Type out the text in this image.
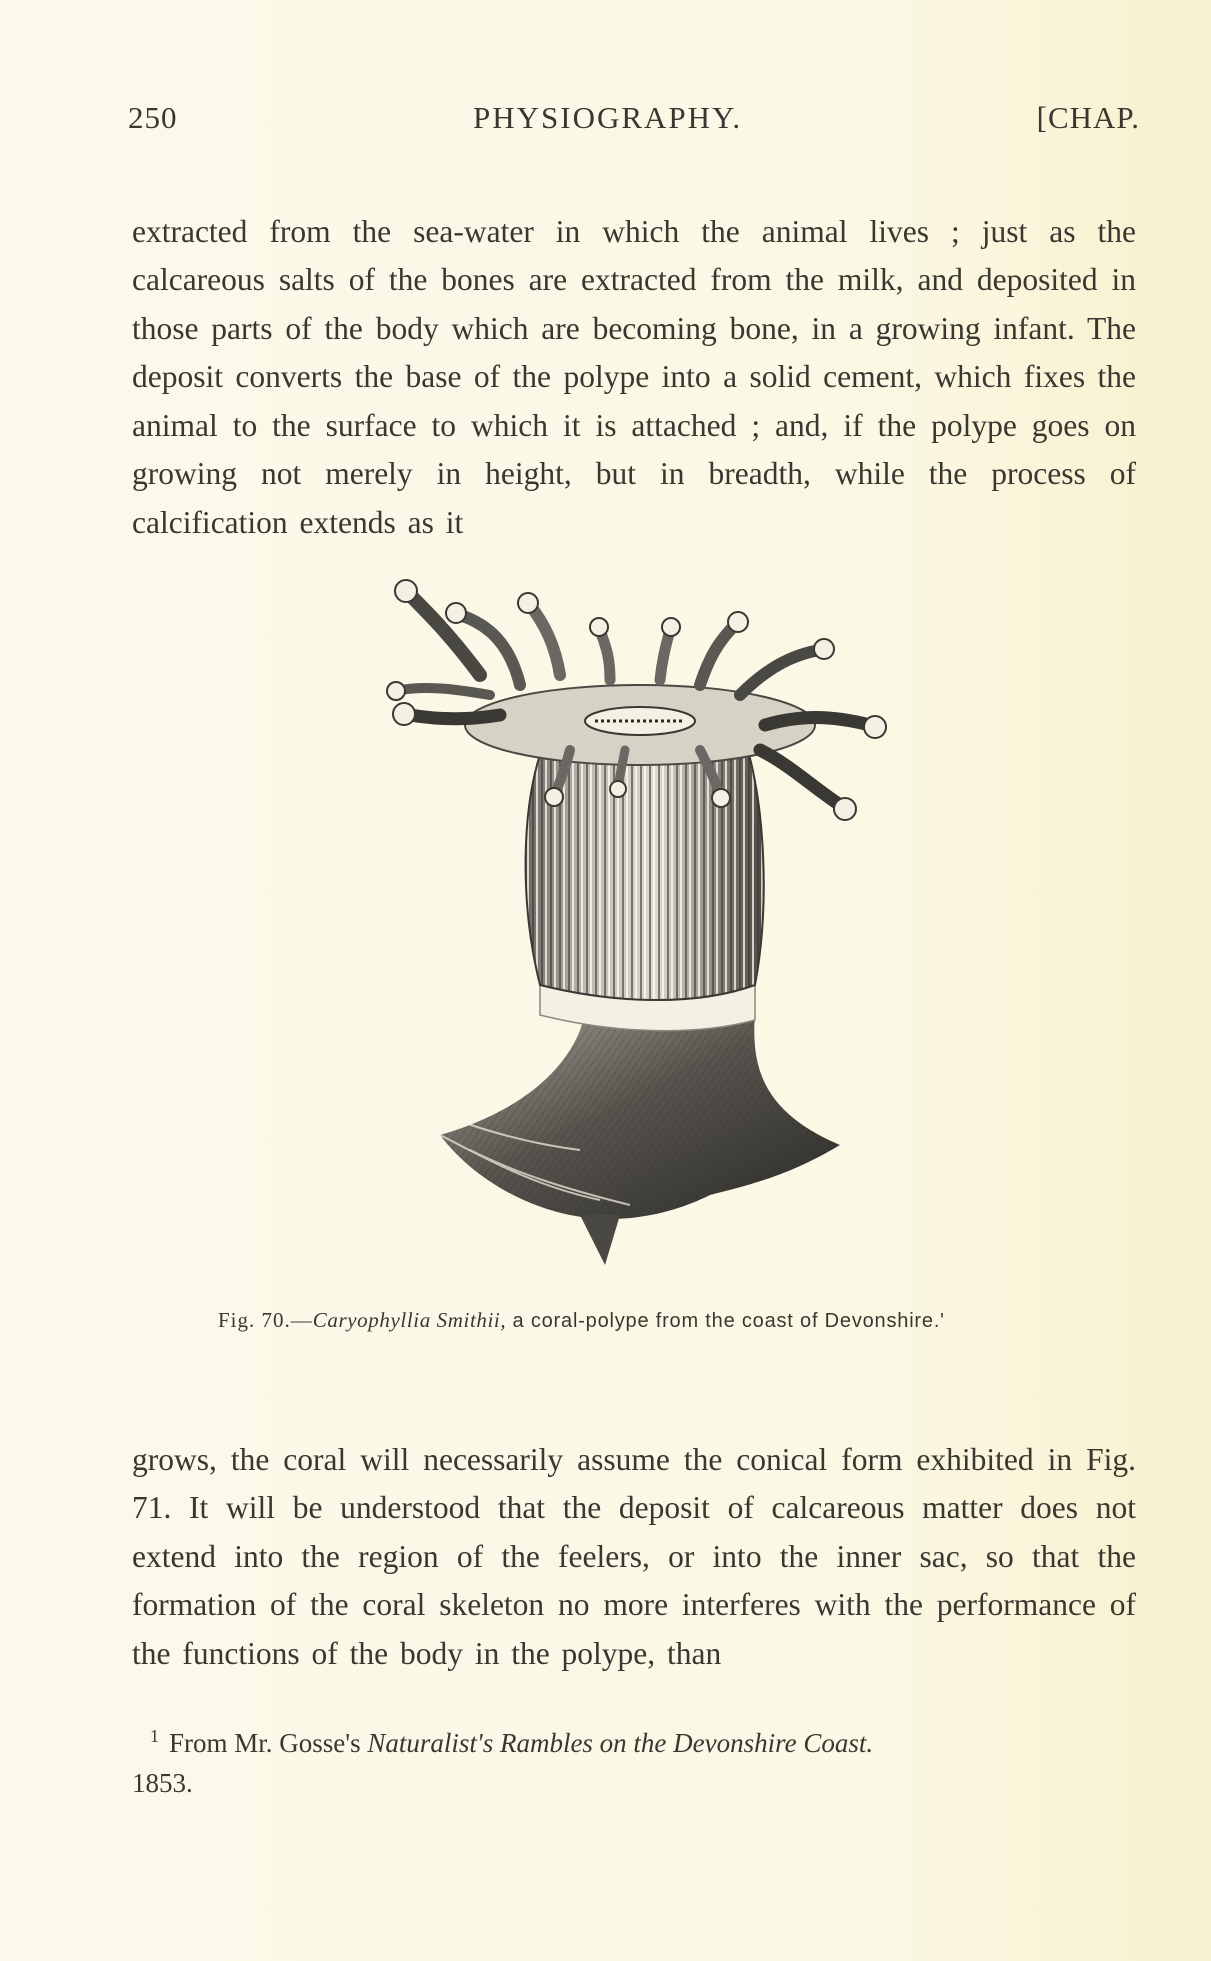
250	PHYSIOGRAPHY.	[CHAP.

extracted from the sea-water in which the animal lives ; just as the calcareous salts of the bones are extracted from the milk, and deposited in those parts of the body which are becoming bone, in a growing infant. The deposit converts the base of the polype into a solid cement, which fixes the animal to the surface to which it is attached ; and, if the polype goes on growing not merely in height, but in breadth, while the process of calcification extends as it

Fig. 70.—Caryophyllia Smithii, a coral-polype from the coast of Devonshire.'

grows, the coral will necessarily assume the conical form exhibited in Fig. 71. It will be understood that the deposit of calcareous matter does not extend into the region of the feelers, or into the inner sac, so that the formation of the coral skeleton no more interferes with the performance of the functions of the body in the polype, than

$^1$ From Mr. Gosse's Naturalist's Rambles on the Devonshire Coast.
1853.
